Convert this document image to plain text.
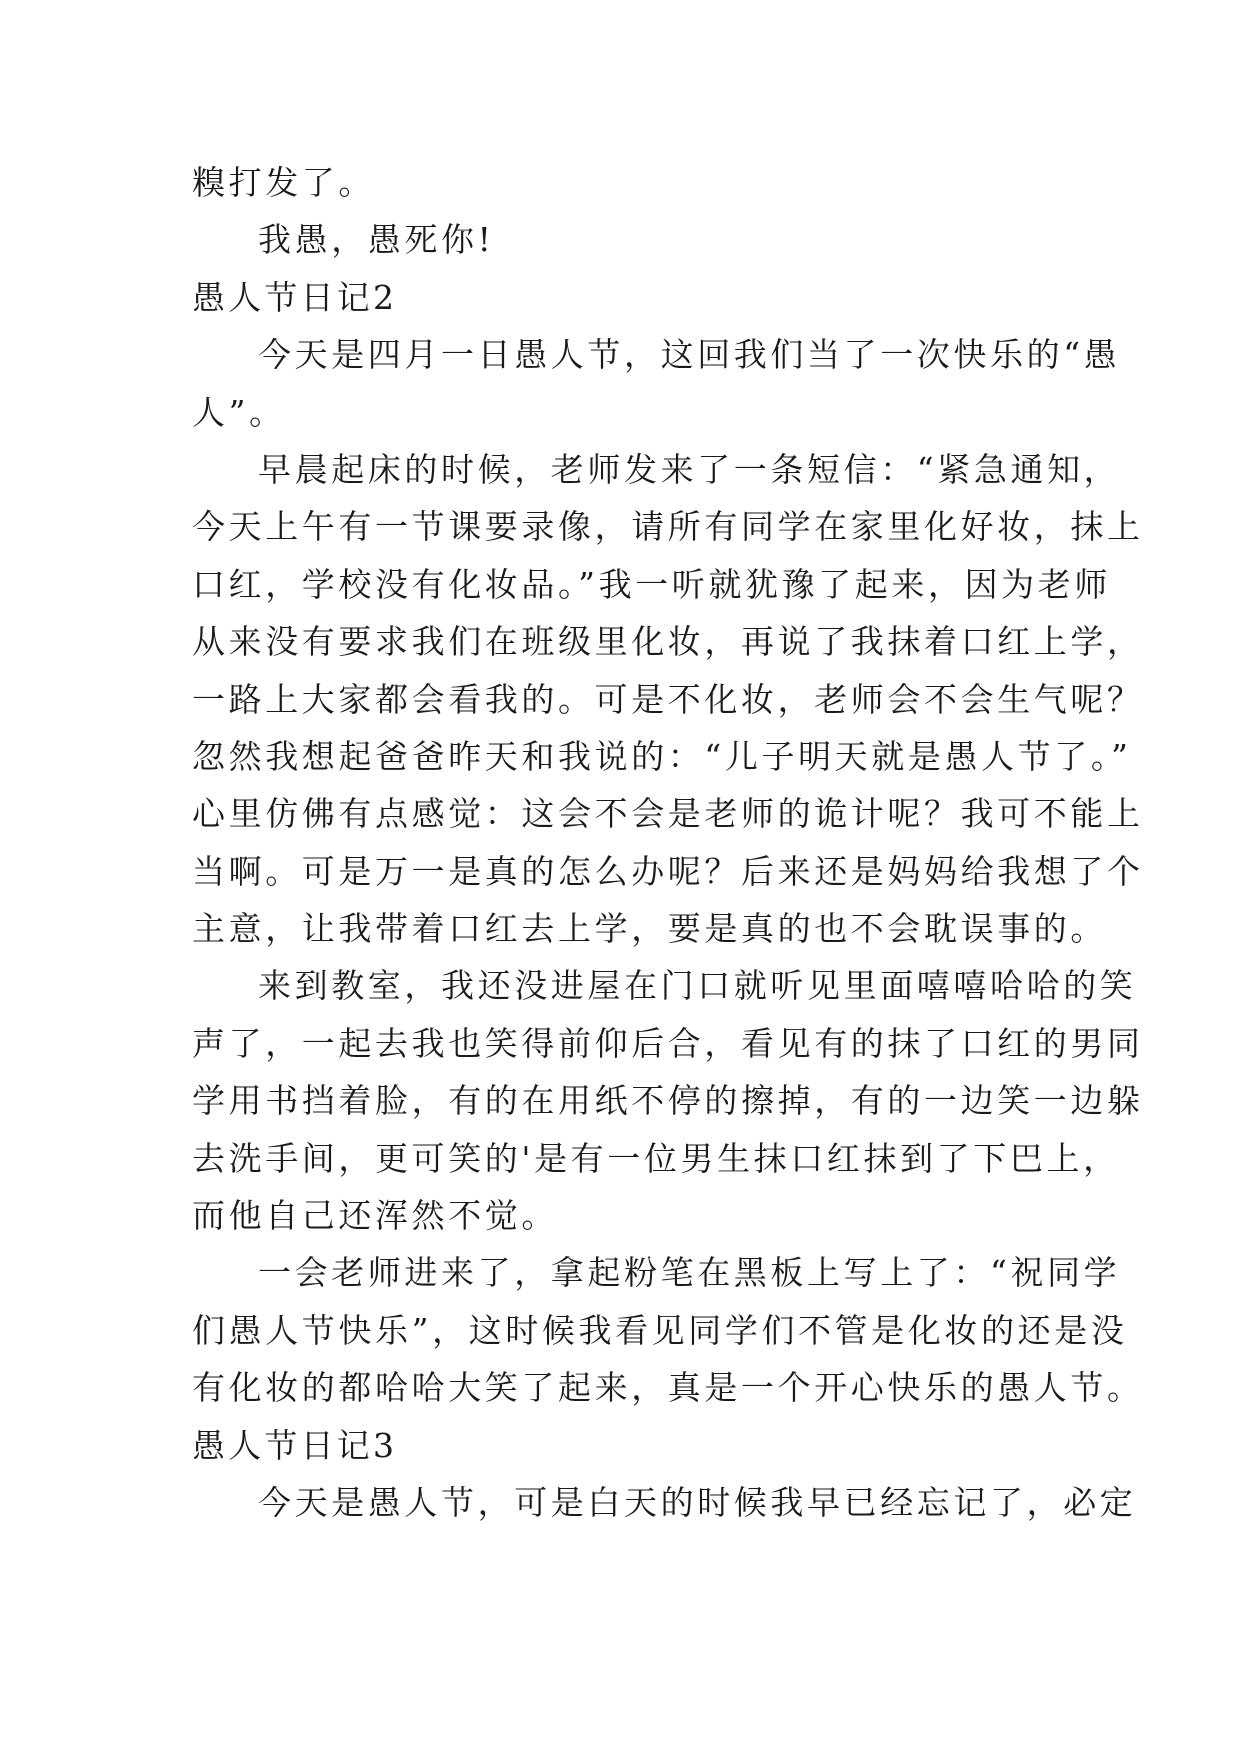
糗打发了。
我愚，愚死你!
愚人节日记2
今天是四月一日愚人节，这回我们当了一次快乐的“愚
人”。
早晨起床的时候，老师发来了一条短信：“紧急通知，
今天上午有一节课要录像，请所有同学在家里化好妆，抹上
口红，学校没有化妆品。”我一听就犹豫了起来，因为老师
从来没有要求我们在班级里化妆，再说了我抹着口红上学，
一路上大家都会看我的。可是不化妆，老师会不会生气呢？
忽然我想起爸爸昨天和我说的：“儿子明天就是愚人节了。”
心里仿佛有点感觉：这会不会是老师的诡计呢？我可不能上
当啊。可是万一是真的怎么办呢？后来还是妈妈给我想了个
主意，让我带着口红去上学，要是真的也不会耽误事的。
来到教室，我还没进屋在门口就听见里面嘻嘻哈哈的笑
声了，一起去我也笑得前仰后合，看见有的抹了口红的男同
学用书挡着脸，有的在用纸不停的擦掉，有的一边笑一边躲
去洗手间，更可笑的'是有一位男生抹口红抹到了下巴上，
而他自己还浑然不觉。
一会老师进来了，拿起粉笔在黑板上写上了：“祝同学
们愚人节快乐”，这时候我看见同学们不管是化妆的还是没
有化妆的都哈哈大笑了起来，真是一个开心快乐的愚人节。
愚人节日记3
今天是愚人节，可是白天的时候我早已经忘记了，必定
